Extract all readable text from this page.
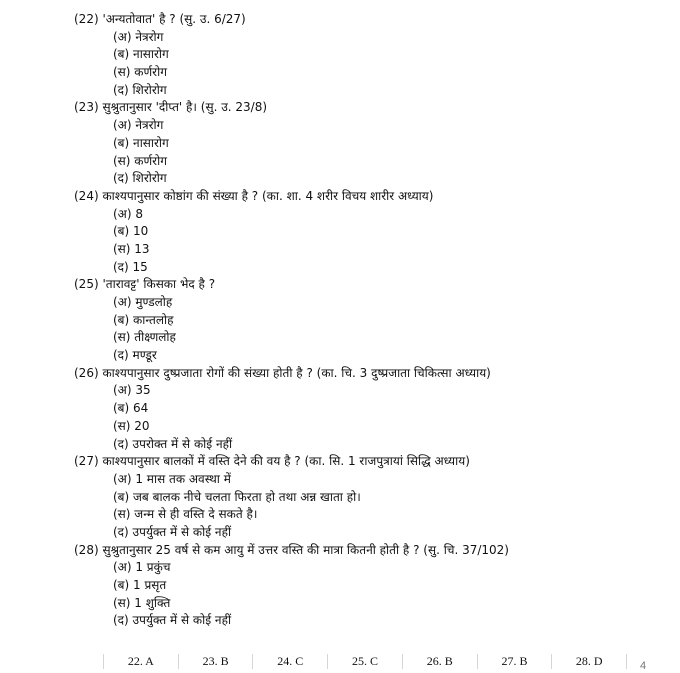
(22) 'अन्यतोवात' है ? (सु. उ. 6/27)
(अ) नेत्ररोग
(ब) नासारोग
(स) कर्णरोग
(द) शिरोरोग
(23) सुश्रुतानुसार 'दीप्त' है। (सु. उ. 23/8)
(अ) नेत्ररोग
(ब) नासारोग
(स) कर्णरोग
(द) शिरोरोग
(24) काश्यपानुसार कोष्ठांग की संख्या है ? (का. शा. 4 शरीर विचय शारीर अध्याय)
(अ) 8
(ब) 10
(स) 13
(द) 15
(25) 'तारावट्ट' किसका भेद है ?
(अ) मुण्डलोह
(ब) कान्तलोह
(स) तीक्ष्णलोह
(द) मण्डूर
(26) काश्यपानुसार दुष्प्रजाता रोगों की संख्या होती है ? (का. चि. 3 दुष्प्रजाता चिकित्सा अध्याय)
(अ) 35
(ब) 64
(स) 20
(द) उपरोक्त में से कोई नहीं
(27) काश्यपानुसार बालकों में वस्ति देने की वय है ? (का. सि. 1 राजपुत्रायां सिद्धि अध्याय)
(अ) 1 मास तक अवस्था में
(ब) जब बालक नीचे चलता फिरता हो तथा अन्न खाता हो।
(स) जन्म से ही वस्ति दे सकते है।
(द) उपर्युक्त में से कोई नहीं
(28) सुश्रुतानुसार 25 वर्ष से कम आयु में उत्तर वस्ति की मात्रा कितनी होती है ? (सु. चि. 37/102)
(अ) 1 प्रकुंच
(ब) 1 प्रसृत
(स) 1 शुक्ति
(द) उपर्युक्त में से कोई नहीं
22. A	23. B	24. C	25. C	26. B	27. B	28. D	4
